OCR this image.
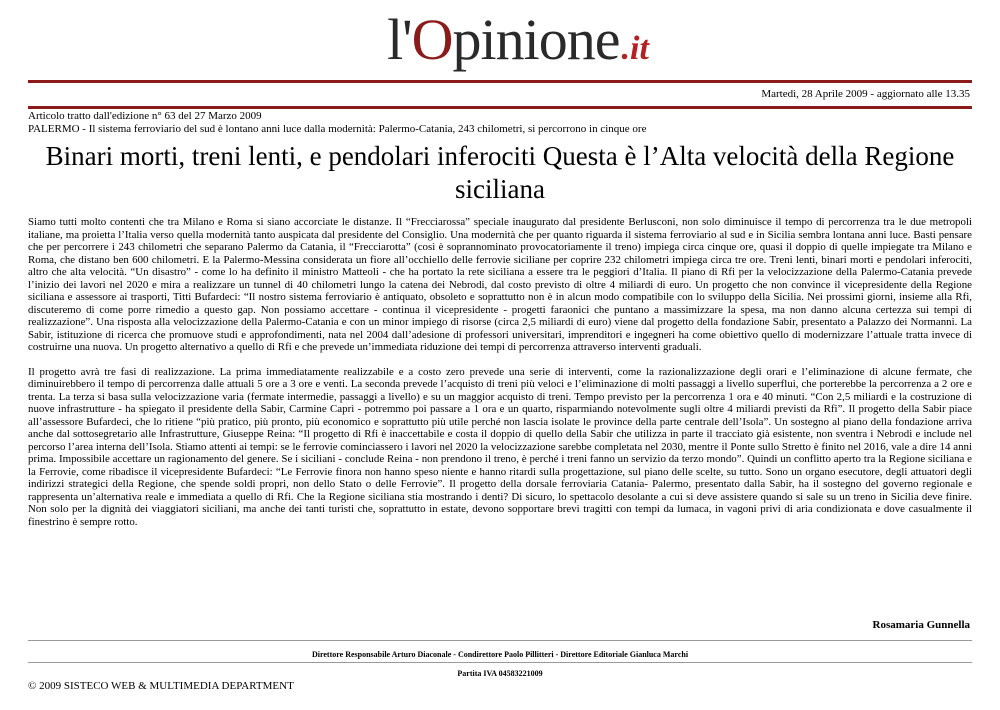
l' O pinione .it
Martedì, 28 Aprile 2009 - aggiornato alle 13.35
Articolo tratto dall'edizione n° 63 del 27 Marzo 2009
PALERMO - Il sistema ferroviario del sud è lontano anni luce dalla modernità: Palermo-Catania, 243 chilometri, si percorrono in cinque ore
Binari morti, treni lenti, e pendolari inferociti Questa è l’Alta velocità della Regione siciliana

Siamo tutti molto contenti che tra Milano e Roma si siano accorciate le distanze. Il “Frecciarossa” speciale inaugurato dal presidente Berlusconi, non solo diminuisce il tempo di percorrenza tra le due metropoli italiane, ma proietta l’Italia verso quella modernità tanto auspicata dal presidente del Consiglio. Una modernità che per quanto riguarda il sistema ferroviario al sud e in Sicilia sembra lontana anni luce. Basti pensare che per percorrere i 243 chilometri che separano Palermo da Catania, il “Frecciarotta” (così è soprannominato provocatoriamente il treno) impiega circa cinque ore, quasi il doppio di quelle impiegate tra Milano e Roma, che distano ben 600 chilometri. E la Palermo-Messina considerata un fiore all’occhiello delle ferrovie siciliane per coprire 232 chilometri impiega circa tre ore. Treni lenti, binari morti e pendolari inferociti, altro che alta velocità. “Un disastro” - come lo ha definito il ministro Matteoli - che ha portato la rete siciliana a essere tra le peggiori d’Italia. Il piano di Rfi per la velocizzazione della Palermo-Catania prevede l’inizio dei lavori nel 2020 e mira a realizzare un tunnel di 40 chilometri lungo la catena dei Nebrodi, dal costo previsto di oltre 4 miliardi di euro. Un progetto che non convince il vicepresidente della Regione siciliana e assessore ai trasporti, Titti Bufardeci: “Il nostro sistema ferroviario è antiquato, obsoleto e soprattutto non è in alcun modo compatibile con lo sviluppo della Sicilia. Nei prossimi giorni, insieme alla Rfi, discuteremo di come porre rimedio a questo gap. Non possiamo accettare - continua il vicepresidente - progetti faraonici che puntano a massimizzare la spesa, ma non danno alcuna certezza sui tempi di realizzazione”. Una risposta alla velocizzazione della Palermo-Catania e con un minor impiego di risorse (circa 2,5 miliardi di euro) viene dal progetto della fondazione Sabir, presentato a Palazzo dei Normanni. La Sabir, istituzione di ricerca che promuove studi e approfondimenti, nata nel 2004 dall’adesione di professori universitari, imprenditori e ingegneri ha come obiettivo quello di modernizzare l’attuale tratta invece di costruirne una nuova. Un progetto alternativo a quello di Rfi e che prevede un’immediata riduzione dei tempi di percorrenza attraverso interventi graduali.

Il progetto avrà tre fasi di realizzazione. La prima immediatamente realizzabile e a costo zero prevede una serie di interventi, come la razionalizzazione degli orari e l’eliminazione di alcune fermate, che diminuirebbero il tempo di percorrenza dalle attuali 5 ore a 3 ore e venti. La seconda prevede l’acquisto di treni più veloci e l’eliminazione di molti passaggi a livello superflui, che porterebbe la percorrenza a 2 ore e trenta. La terza si basa sulla velocizzazione varia (fermate intermedie, passaggi a livello) e su un maggior acquisto di treni. Tempo previsto per la percorrenza 1 ora e 40 minuti. “Con 2,5 miliardi e la costruzione di nuove infrastrutture - ha spiegato il presidente della Sabir, Carmine Caprì - potremmo poi passare a 1 ora e un quarto, risparmiando notevolmente sugli oltre 4 miliardi previsti da Rfi”. Il progetto della Sabir piace all’assessore Bufardeci, che lo ritiene “più pratico, più pronto, più economico e soprattutto più utile perché non lascia isolate le province della parte centrale dell’Isola”. Un sostegno al piano della fondazione arriva anche dal sottosegretario alle Infrastrutture, Giuseppe Reina: “Il progetto di Rfi è inaccettabile e costa il doppio di quello della Sabir che utilizza in parte il tracciato già esistente, non sventra i Nebrodi e include nel percorso l’area interna dell’Isola. Stiamo attenti ai tempi: se le ferrovie cominciassero i lavori nel 2020 la velocizzazione sarebbe completata nel 2030, mentre il Ponte sullo Stretto è finito nel 2016, vale a dire 14 anni prima. Impossibile accettare un ragionamento del genere. Se i siciliani - conclude Reina - non prendono il treno, è perché i treni fanno un servizio da terzo mondo”. Quindi un conflitto aperto tra la Regione siciliana e la Ferrovie, come ribadisce il vicepresidente Bufardeci: “Le Ferrovie finora non hanno speso niente e hanno ritardi sulla progettazione, sul piano delle scelte, su tutto. Sono un organo esecutore, degli attuatori degli indirizzi strategici della Regione, che spende soldi propri, non dello Stato o delle Ferrovie”. Il progetto della dorsale ferroviaria Catania- Palermo, presentato dalla Sabir, ha il sostegno del governo regionale e rappresenta un’alternativa reale e immediata a quello di Rfi. Che la Regione siciliana stia mostrando i denti? Di sicuro, lo spettacolo desolante a cui si deve assistere quando si sale su un treno in Sicilia deve finire. Non solo per la dignità dei viaggiatori siciliani, ma anche dei tanti turisti che, soprattutto in estate, devono sopportare brevi tragitti con tempi da lumaca, in vagoni privi di aria condizionata e dove casualmente il finestrino è sempre rotto.

Rosamaria Gunnella
Direttore Responsabile Arturo Diaconale - Condirettore Paolo Pillitteri - Direttore Editoriale Gianluca Marchi
Partita IVA 04583221009
© 2009 SISTECO WEB & MULTIMEDIA DEPARTMENT
